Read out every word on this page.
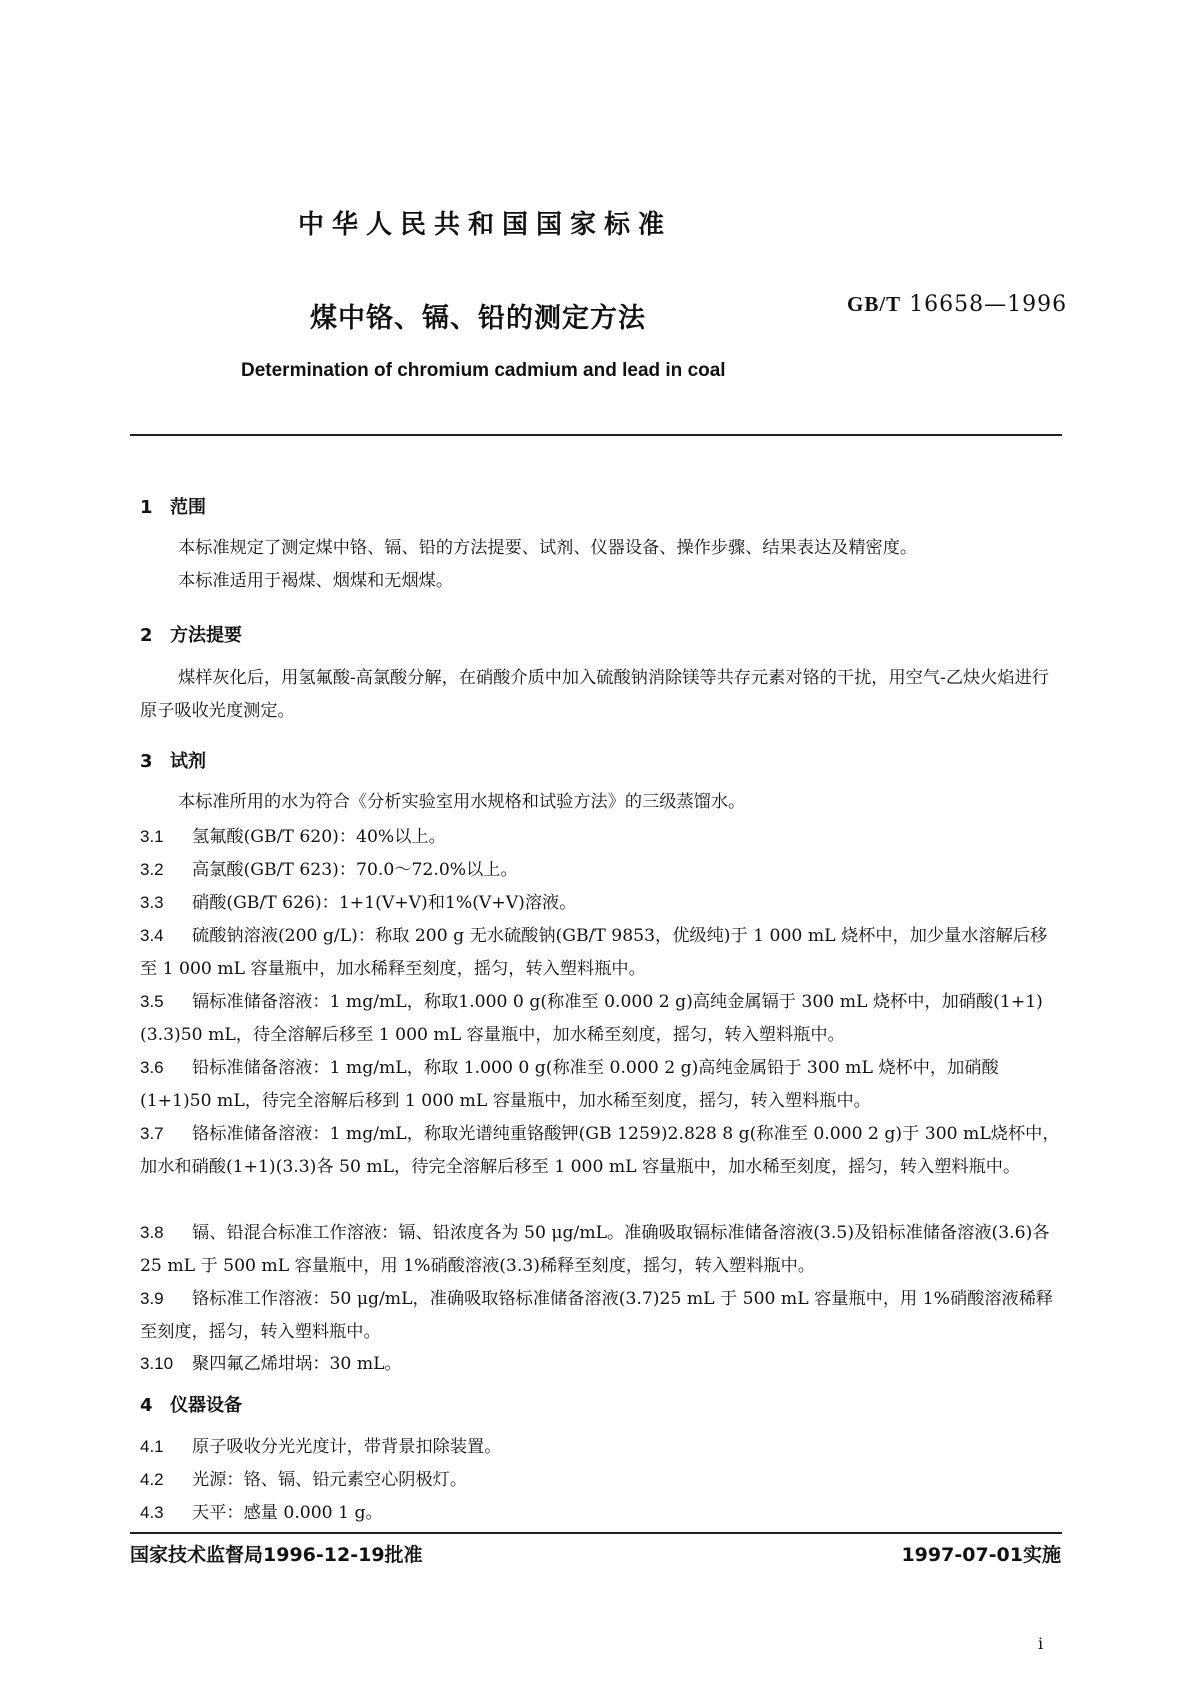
中华人民共和国国家标准
煤中铬、镉、铅的测定方法	GB/T 16658—1996
Determination of chromium cadmium and lead in coal
1 范围
本标准规定了测定煤中铬、镉、铅的方法提要、试剂、仪器设备、操作步骤、结果表达及精密度。
本标准适用于褐煤、烟煤和无烟煤。
2 方法提要
煤样灰化后，用氢氟酸-高氯酸分解，在硝酸介质中加入硫酸钠消除镁等共存元素对铬的干扰，用空气-乙炔火焰进行原子吸收光度测定。
3 试剂
本标准所用的水为符合《分析实验室用水规格和试验方法》的三级蒸馏水。
3.1 氢氟酸(GB/T 620)：40%以上。
3.2 高氯酸(GB/T 623)：70.0～72.0%以上。
3.3 硝酸(GB/T 626)：1+1(V+V)和1%(V+V)溶液。
3.4 硫酸钠溶液(200 g/L)：称取 200 g 无水硫酸钠(GB/T 9853，优级纯)于 1 000 mL 烧杯中，加少量水溶解后移至 1 000 mL 容量瓶中，加水稀释至刻度，摇匀，转入塑料瓶中。
3.5 镉标准储备溶液：1 mg/mL，称取1.000 0 g(称准至 0.000 2 g)高纯金属镉于 300 mL 烧杯中，加硝酸(1+1)(3.3)50 mL，待全溶解后移至 1 000 mL 容量瓶中，加水稀至刻度，摇匀，转入塑料瓶中。
3.6 铅标准储备溶液：1 mg/mL，称取 1.000 0 g(称准至 0.000 2 g)高纯金属铅于 300 mL 烧杯中，加硝酸(1+1)50 mL，待完全溶解后移到 1 000 mL 容量瓶中，加水稀至刻度，摇匀，转入塑料瓶中。
3.7 铬标准储备溶液：1 mg/mL，称取光谱纯重铬酸钾(GB 1259)2.828 8 g(称准至 0.000 2 g)于 300 mL烧杯中，加水和硝酸(1+1)(3.3)各 50 mL，待完全溶解后移至 1 000 mL 容量瓶中，加水稀至刻度，摇匀，转入塑料瓶中。
3.8 镉、铅混合标准工作溶液：镉、铅浓度各为 50 μg/mL。准确吸取镉标准储备溶液(3.5)及铅标准储备溶液(3.6)各 25 mL 于 500 mL 容量瓶中，用 1%硝酸溶液(3.3)稀释至刻度，摇匀，转入塑料瓶中。
3.9 铬标准工作溶液：50 μg/mL，准确吸取铬标准储备溶液(3.7)25 mL 于 500 mL 容量瓶中，用 1%硝酸溶液稀释至刻度，摇匀，转入塑料瓶中。
3.10 聚四氟乙烯坩埚：30 mL。
4 仪器设备
4.1 原子吸收分光光度计，带背景扣除装置。
4.2 光源：铬、镉、铅元素空心阴极灯。
4.3 天平：感量 0.000 1 g。
国家技术监督局1996-12-19批准	1997-07-01实施
i
